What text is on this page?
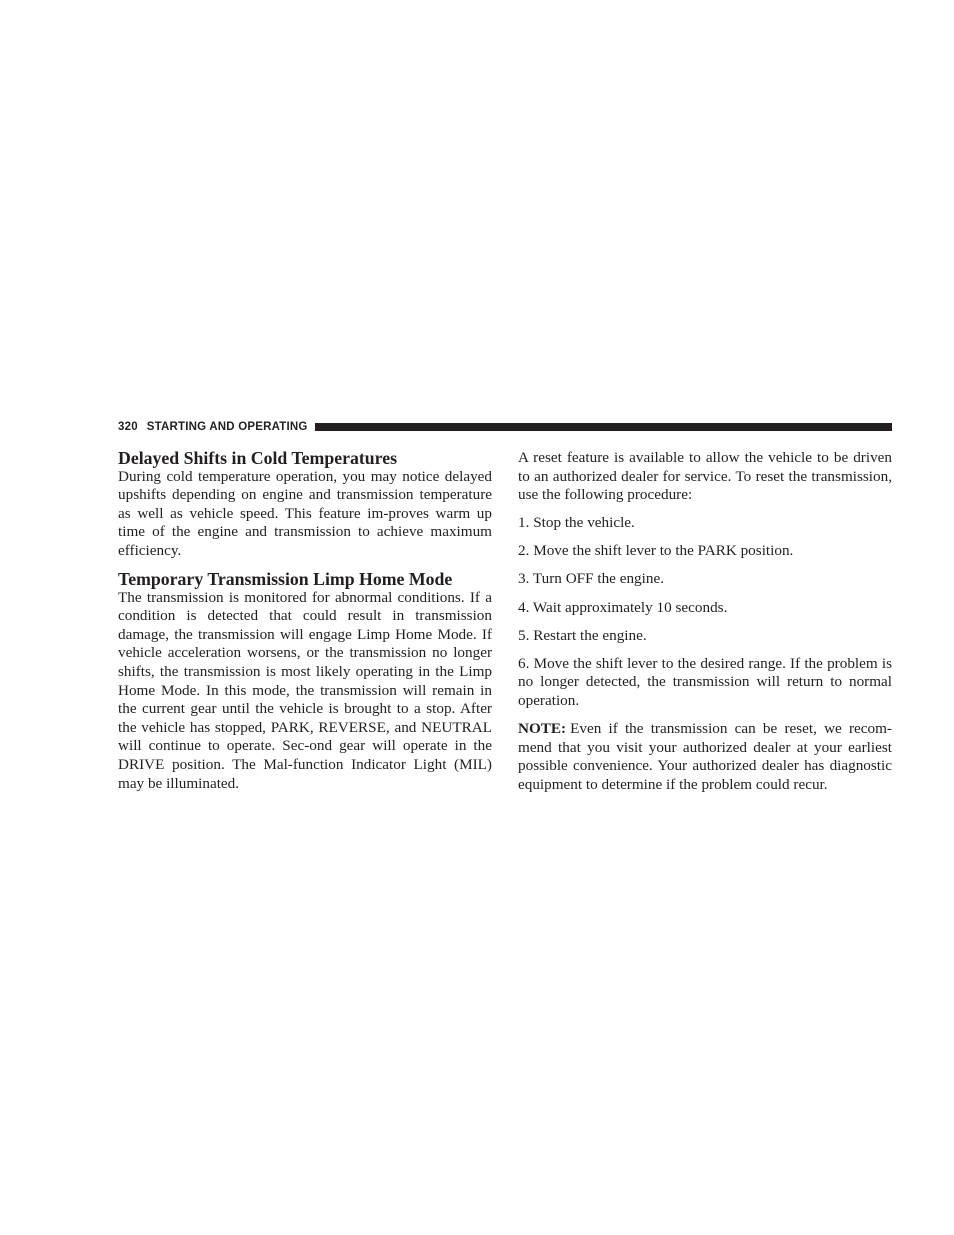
320 STARTING AND OPERATING
Delayed Shifts in Cold Temperatures

During cold temperature operation, you may notice delayed upshifts depending on engine and transmission temperature as well as vehicle speed. This feature im-proves warm up time of the engine and transmission to achieve maximum efficiency.

Temporary Transmission Limp Home Mode

The transmission is monitored for abnormal conditions. If a condition is detected that could result in transmission damage, the transmission will engage Limp Home Mode. If vehicle acceleration worsens, or the transmission no longer shifts, the transmission is most likely operating in the Limp Home Mode. In this mode, the transmission will remain in the current gear until the vehicle is brought to a stop. After the vehicle has stopped, PARK, REVERSE, and NEUTRAL will continue to operate. Sec-ond gear will operate in the DRIVE position. The Mal-function Indicator Light (MIL) may be illuminated.

A reset feature is available to allow the vehicle to be driven to an authorized dealer for service. To reset the transmission, use the following procedure:

1. Stop the vehicle.

2. Move the shift lever to the PARK position.

3. Turn OFF the engine.

4. Wait approximately 10 seconds.

5. Restart the engine.

6. Move the shift lever to the desired range. If the problem is no longer detected, the transmission will return to normal operation.

NOTE: Even if the transmission can be reset, we recom-mend that you visit your authorized dealer at your earliest possible convenience. Your authorized dealer has diagnostic equipment to determine if the problem could recur.
